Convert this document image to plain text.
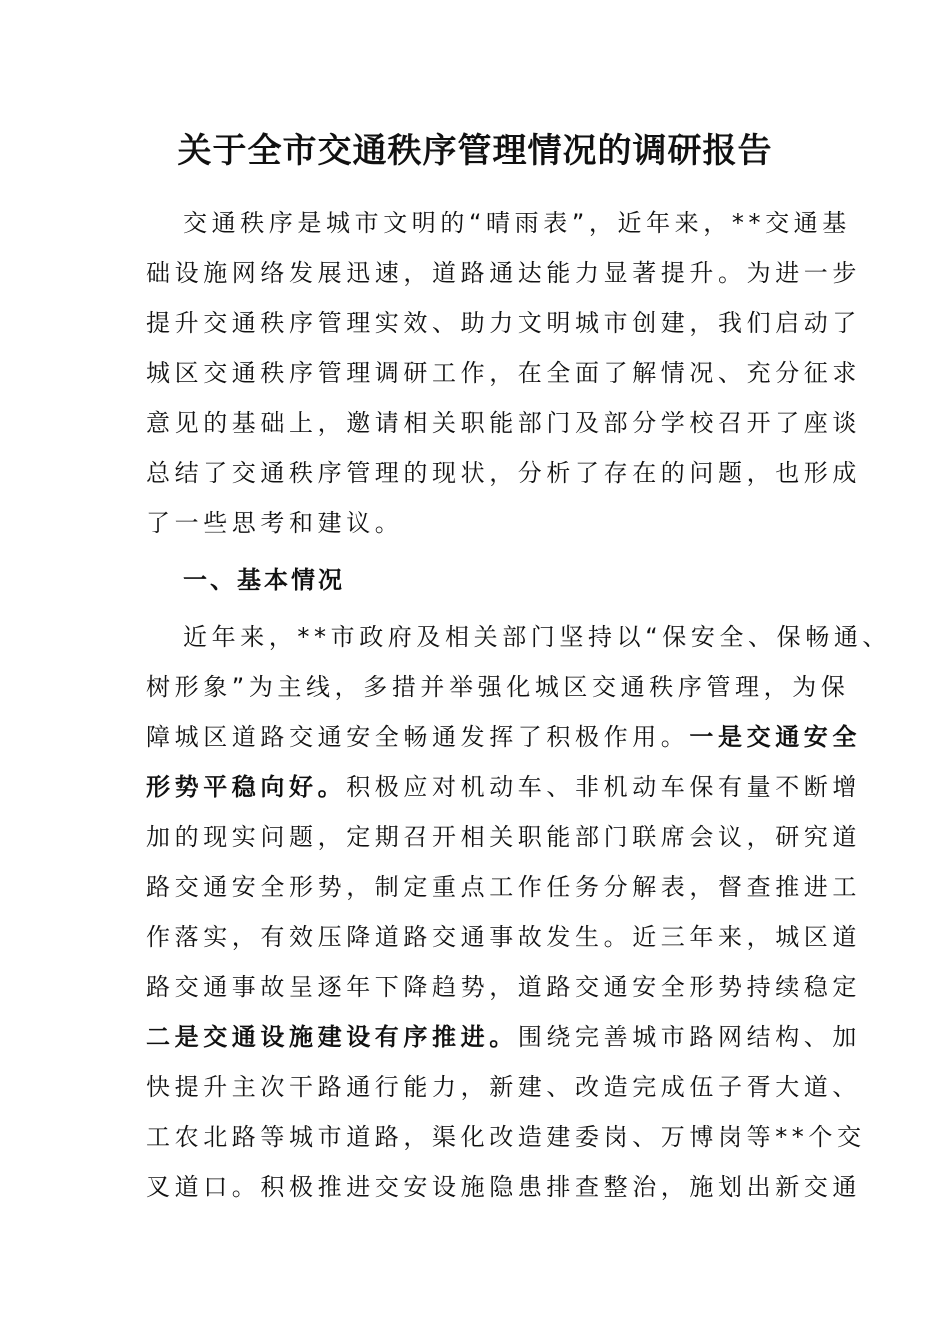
关于全市交通秩序管理情况的调研报告
交通秩序是城市文明的“晴雨表”，近年来，**交通基
础设施网络发展迅速，道路通达能力显著提升。为进一步
提升交通秩序管理实效、助力文明城市创建，我们启动了
城区交通秩序管理调研工作，在全面了解情况、充分征求
意见的基础上，邀请相关职能部门及部分学校召开了座谈
总结了交通秩序管理的现状，分析了存在的问题，也形成
了一些思考和建议。
一、基本情况
近年来，**市政府及相关部门坚持以“保安全、保畅通、
树形象”为主线，多措并举强化城区交通秩序管理，为保
障城区道路交通安全畅通发挥了积极作用。一是交通安全
形势平稳向好。积极应对机动车、非机动车保有量不断增
加的现实问题，定期召开相关职能部门联席会议，研究道
路交通安全形势，制定重点工作任务分解表，督查推进工
作落实，有效压降道路交通事故发生。近三年来，城区道
路交通事故呈逐年下降趋势，道路交通安全形势持续稳定
二是交通设施建设有序推进。围绕完善城市路网结构、加
快提升主次干路通行能力，新建、改造完成伍子胥大道、
工农北路等城市道路，渠化改造建委岗、万博岗等**个交
叉道口。积极推进交安设施隐患排查整治，施划出新交通
